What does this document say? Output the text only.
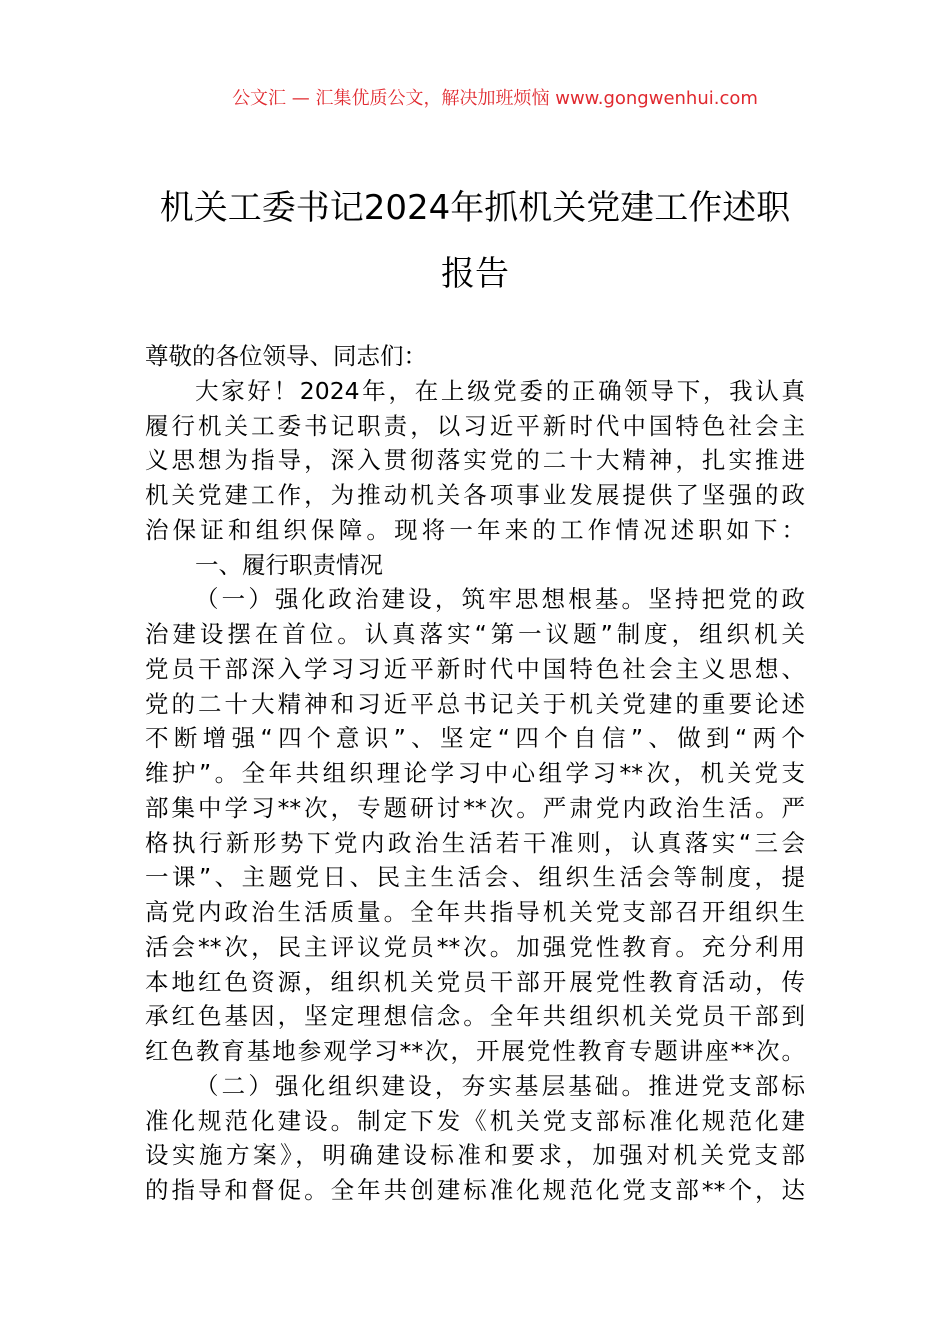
公文汇 — 汇集优质公文，解决加班烦恼 www.gongwenhui.com
机关工委书记2024年抓机关党建工作述职
报告
尊敬的各位领导、同志们：
大家好！2024年，在上级党委的正确领导下，我认真
履行机关工委书记职责，以习近平新时代中国特色社会主
义思想为指导，深入贯彻落实党的二十大精神，扎实推进
机关党建工作，为推动机关各项事业发展提供了坚强的政
治保证和组织保障。现将一年来的工作情况述职如下：
一、履行职责情况
（一）强化政治建设，筑牢思想根基。坚持把党的政
治建设摆在首位。认真落实“第一议题”制度，组织机关
党员干部深入学习习近平新时代中国特色社会主义思想、
党的二十大精神和习近平总书记关于机关党建的重要论述
不断增强“四个意识”、坚定“四个自信”、做到“两个
维护”。全年共组织理论学习中心组学习**次，机关党支
部集中学习**次，专题研讨**次。严肃党内政治生活。严
格执行新形势下党内政治生活若干准则，认真落实“三会
一课”、主题党日、民主生活会、组织生活会等制度，提
高党内政治生活质量。全年共指导机关党支部召开组织生
活会**次，民主评议党员**次。加强党性教育。充分利用
本地红色资源，组织机关党员干部开展党性教育活动，传
承红色基因，坚定理想信念。全年共组织机关党员干部到
红色教育基地参观学习**次，开展党性教育专题讲座**次。
（二）强化组织建设，夯实基层基础。推进党支部标
准化规范化建设。制定下发《机关党支部标准化规范化建
设实施方案》，明确建设标准和要求，加强对机关党支部
的指导和督促。全年共创建标准化规范化党支部**个，达
